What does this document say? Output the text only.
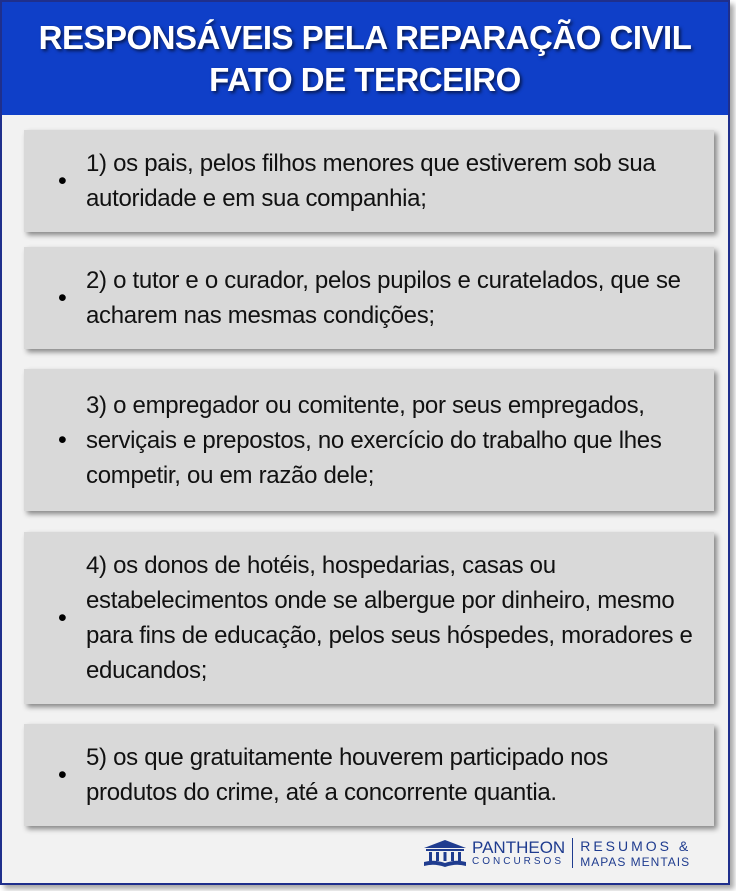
RESPONSÁVEIS PELA REPARAÇÃO CIVIL
FATO DE TERCEIRO
•
1) os pais, pelos filhos menores que estiverem sob sua autoridade e em sua companhia;
•
2) o tutor e o curador, pelos pupilos e curatelados, que se acharem nas mesmas condições;
•
3) o empregador ou comitente, por seus empregados, serviçais e prepostos, no exercício do trabalho que lhes competir, ou em razão dele;
•
4) os donos de hotéis, hospedarias, casas ou estabelecimentos onde se albergue por dinheiro, mesmo para fins de educação, pelos seus hóspedes, moradores e educandos;
•
5) os que gratuitamente houverem participado nos produtos do crime, até a concorrente quantia.
PANTHEON
CONCURSOS
RESUMOS &
MAPAS MENTAIS
